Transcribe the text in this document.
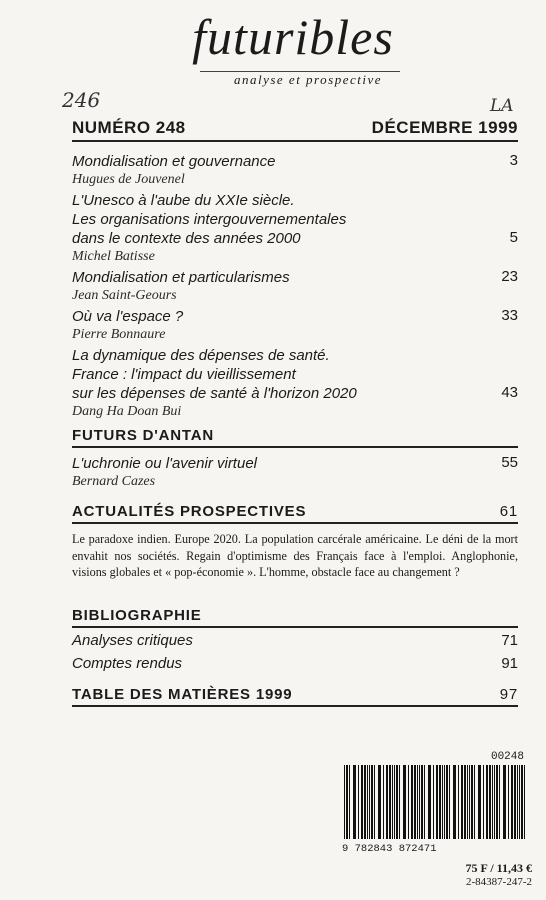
futuribles
analyse et prospective
246	LA
NUMÉRO 248	DÉCEMBRE 1999
Mondialisation et gouvernance	3
Hugues de Jouvenel
L'Unesco à l'aube du XXIe siècle.
Les organisations intergouvernementales
dans le contexte des années 2000	5
Michel Batisse
Mondialisation et particularismes	23
Jean Saint-Geours
Où va l'espace ?	33
Pierre Bonnaure
La dynamique des dépenses de santé.
France : l'impact du vieillissement
sur les dépenses de santé à l'horizon 2020	43
Dang Ha Doan Bui
FUTURS D'ANTAN
L'uchronie ou l'avenir virtuel	55
Bernard Cazes
ACTUALITÉS PROSPECTIVES	61
Le paradoxe indien. Europe 2020. La population carcérale américaine. Le déni de la mort envahit nos sociétés. Regain d'optimisme des Français face à l'emploi. Anglophonie, visions globales et « pop-économie ». L'homme, obstacle face au changement ?
BIBLIOGRAPHIE
Analyses critiques	71
Comptes rendus	91
TABLE DES MATIÈRES 1999	97
00248
9 782843 872471
75 F / 11,43 €
2-84387-247-2
